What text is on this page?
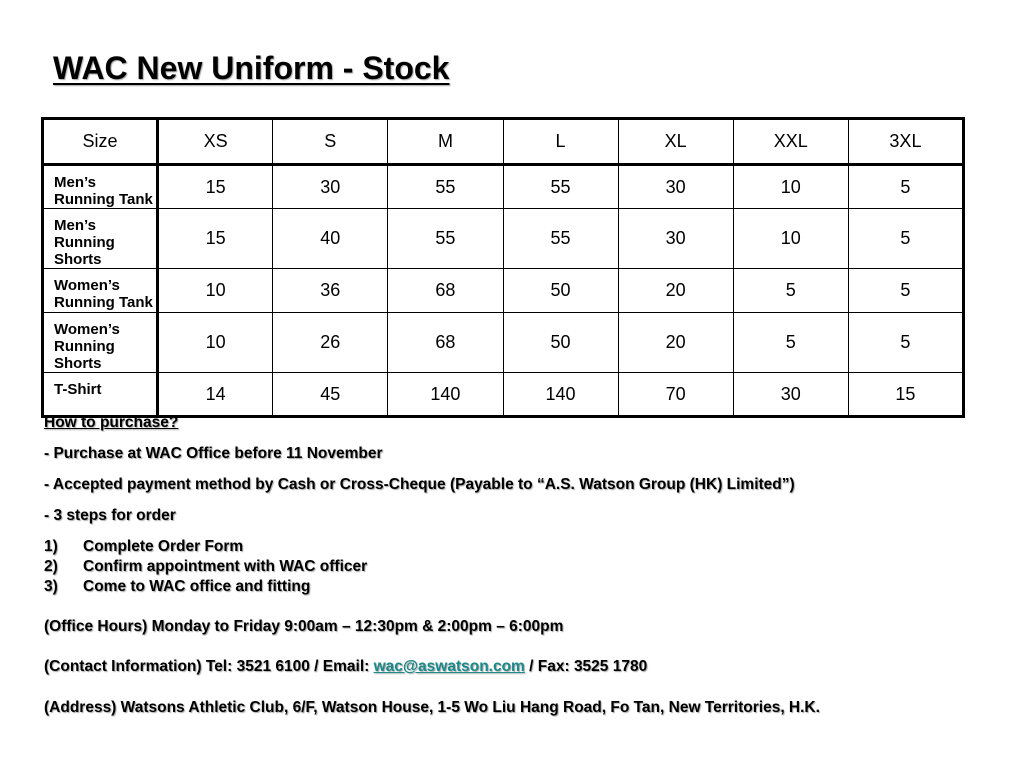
WAC New Uniform - Stock
Size	XS	S	M	L	XL	XXL	3XL
Men’s Running Tank	15	30	55	55	30	10	5
Men’s Running Shorts	15	40	55	55	30	10	5
Women’s Running Tank	10	36	68	50	20	5	5
Women’s Running Shorts	10	26	68	50	20	5	5
T-Shirt	14	45	140	140	70	30	15
How to purchase?
- Purchase at WAC Office before 11 November
- Accepted payment method by Cash or Cross-Cheque (Payable to “A.S. Watson Group (HK) Limited”)
- 3 steps for order
1)	Complete Order Form
2)	Confirm appointment with WAC officer
3)	Come to WAC office and fitting
(Office Hours) Monday to Friday 9:00am – 12:30pm & 2:00pm – 6:00pm
(Contact Information) Tel: 3521 6100 / Email: wac@aswatson.com / Fax: 3525 1780
(Address) Watsons Athletic Club, 6/F, Watson House, 1-5 Wo Liu Hang Road, Fo Tan, New Territories, H.K.
